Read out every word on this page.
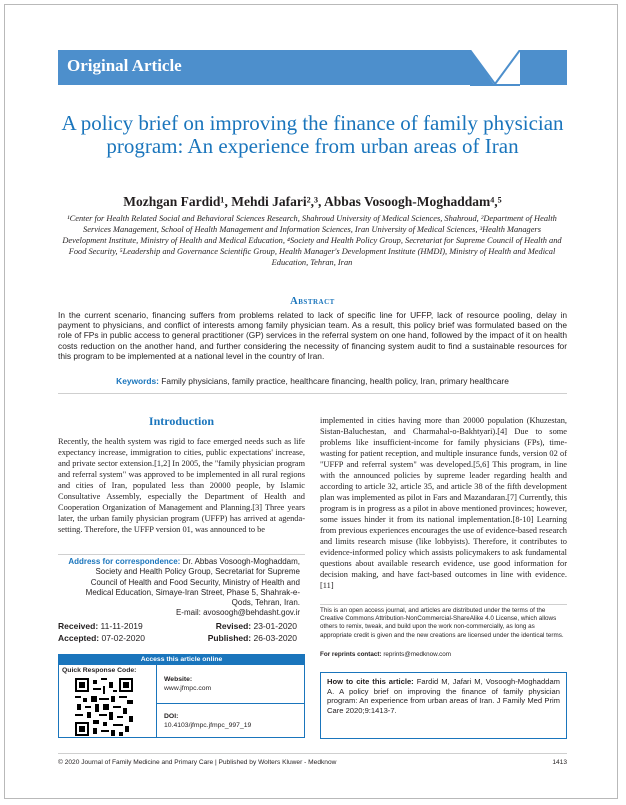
Original Article
A policy brief on improving the finance of family physician program: An experience from urban areas of Iran
Mozhgan Fardid¹, Mehdi Jafari²,³, Abbas Vosoogh-Moghaddam⁴,⁵
¹Center for Health Related Social and Behavioral Sciences Research, Shahroud University of Medical Sciences, Shahroud, ²Department of Health Services Management, School of Health Management and Information Sciences, Iran University of Medical Sciences, ³Health Managers Development Institute, Ministry of Health and Medical Education, ⁴Society and Health Policy Group, Secretariat for Supreme Council of Health and Food Security, ⁵Leadership and Governance Scientific Group, Health Manager's Development Institute (HMDI), Ministry of Health and Medical Education, Tehran, Iran
Abstract
In the current scenario, financing suffers from problems related to lack of specific line for UFFP, lack of resource pooling, delay in payment to physicians, and conflict of interests among family physician team. As a result, this policy brief was formulated based on the role of FPs in public access to general practitioner (GP) services in the referral system on one hand, followed by the impact of it on health costs reduction on the another hand, and further considering the necessity of financing system audit to find a sustainable resources for this program to be implemented at a national level in the country of Iran.
Keywords: Family physicians, family practice, healthcare financing, health policy, Iran, primary healthcare
Introduction
Recently, the health system was rigid to face emerged needs such as life expectancy increase, immigration to cities, public expectations' increase, and private sector extension.[1,2] In 2005, the "family physician program and referral system" was approved to be implemented in all rural regions and cities of Iran, populated less than 20000 people, by Islamic Consultative Assembly, especially the Department of Health and Cooperation Organization of Management and Planning.[3] Three years later, the urban family physician program (UFFP) has arrived at agenda-setting. Therefore, the UFFP version 01, was announced to be
implemented in cities having more than 20000 population (Khuzestan, Sistan-Baluchestan, and Charmahal-o-Bakhtyari).[4] Due to some problems like insufficient-income for family physicians (FPs), time-wasting for patient reception, and multiple insurance funds, version 02 of "UFFP and referral system" was developed.[5,6] This program, in line with the announced policies by supreme leader regarding health and according to article 32, article 35, and article 38 of the fifth development plan was implemented as pilot in Fars and Mazandaran.[7] Currently, this program is in progress as a pilot in above mentioned provinces; however, some issues hinder it from its national implementation.[8-10] Learning from previous experiences encourages the use of evidence-based research and limits research misuse (like lobbyists). Therefore, it contributes to evidence-informed policy which assists policymakers to ask fundamental questions about available research evidence, use good information for decision making, and have fact-based outcomes in line with evidence.[11]
Address for correspondence: Dr. Abbas Vosoogh-Moghaddam, Society and Health Policy Group, Secretariat for Supreme Council of Health and Food Security, Ministry of Health and Medical Education, Simaye-Iran Street, Phase 5, Shahrak-e-Qods, Tehran, Iran.
E-mail: avosoogh@behdasht.gov.ir
Received: 11-11-2019	Revised: 23-01-2020
Accepted: 07-02-2020	Published: 26-03-2020
Access this article online
Quick Response Code:
Website:
www.jfmpc.com
DOI:
10.4103/jfmpc.jfmpc_997_19
This is an open access journal, and articles are distributed under the terms of the Creative Commons Attribution-NonCommercial-ShareAlike 4.0 License, which allows others to remix, tweak, and build upon the work non-commercially, as long as appropriate credit is given and the new creations are licensed under the identical terms.
For reprints contact: reprints@medknow.com
How to cite this article: Fardid M, Jafari M, Vosoogh-Moghaddam A. A policy brief on improving the finance of family physician program: An experience from urban areas of Iran. J Family Med Prim Care 2020;9:1413-7.
© 2020 Journal of Family Medicine and Primary Care | Published by Wolters Kluwer - Medknow	1413
